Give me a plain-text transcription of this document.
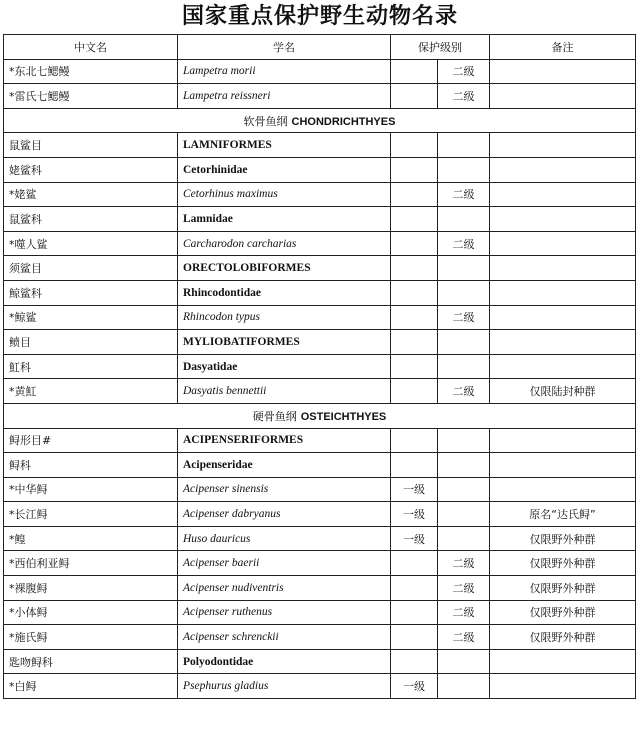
国家重点保护野生动物名录
中文名	学名	保护级别		备注
*东北七鳃鳗	Lampetra morii		二级	
*雷氏七鳃鳗	Lampetra reissneri		二级	
软骨鱼纲 CHONDRICHTHYES				
鼠鲨目	LAMNIFORMES			
姥鲨科	Cetorhinidae			
*姥鲨	Cetorhinus maximus		二级	
鼠鲨科	Lamnidae			
*噬人鲨	Carcharodon carcharias		二级	
须鲨目	ORECTOLOBIFORMES			
鲸鲨科	Rhincodontidae			
*鲸鲨	Rhincodon typus		二级	
鲼目	MYLIOBATIFORMES			
魟科	Dasyatidae			
*黄魟	Dasyatis bennettii		二级	仅限陆封种群
硬骨鱼纲 OSTEICHTHYES				
鲟形目#	ACIPENSERIFORMES			
鲟科	Acipenseridae			
*中华鲟	Acipenser sinensis	一级		
*长江鲟	Acipenser dabryanus	一级		原名“达氏鲟”
*鳇	Huso dauricus	一级		仅限野外种群
*西伯利亚鲟	Acipenser baerii		二级	仅限野外种群
*裸腹鲟	Acipenser nudiventris		二级	仅限野外种群
*小体鲟	Acipenser ruthenus		二级	仅限野外种群
*施氏鲟	Acipenser schrenckii		二级	仅限野外种群
匙吻鲟科	Polyodontidae			
*白鲟	Psephurus gladius	一级		
